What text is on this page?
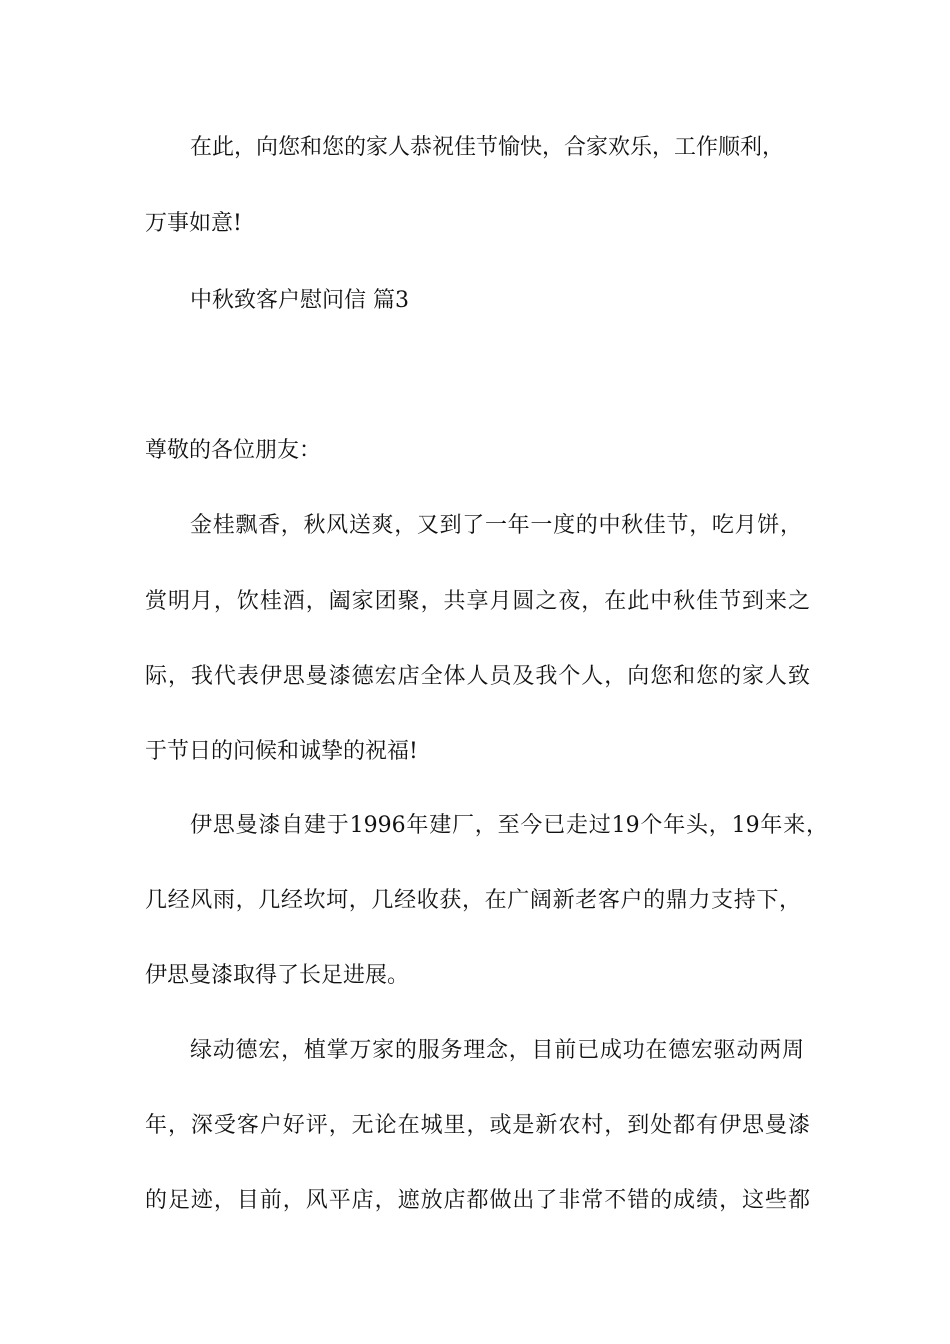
在此，向您和您的家人恭祝佳节愉快，合家欢乐，工作顺利，
万事如意!
中秋致客户慰问信 篇3
尊敬的各位朋友：
金桂飘香，秋风送爽，又到了一年一度的中秋佳节，吃月饼，
赏明月，饮桂酒，阖家团聚，共享月圆之夜，在此中秋佳节到来之
际，我代表伊思曼漆德宏店全体人员及我个人，向您和您的家人致
于节日的问候和诚挚的祝福!
伊思曼漆自建于1996年建厂，至今已走过19个年头，19年来，
几经风雨，几经坎坷，几经收获，在广阔新老客户的鼎力支持下，
伊思曼漆取得了长足进展。
绿动德宏，植掌万家的服务理念，目前已成功在德宏驱动两周
年，深受客户好评，无论在城里，或是新农村，到处都有伊思曼漆
的足迹，目前，风平店，遮放店都做出了非常不错的成绩，这些都
